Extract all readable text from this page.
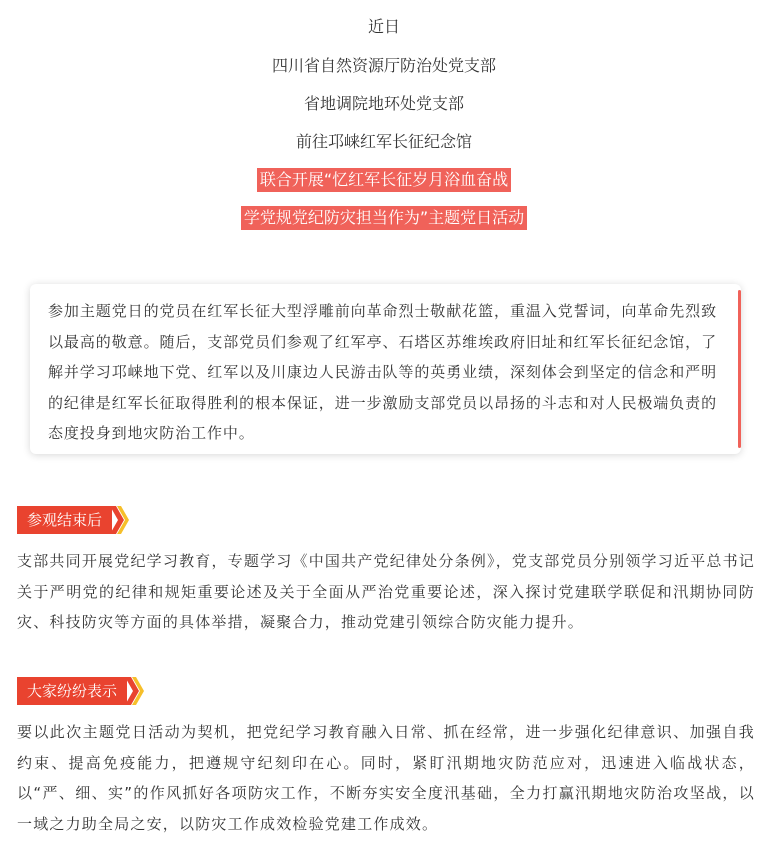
近日
四川省自然资源厅防治处党支部
省地调院地环处党支部
前往邛崃红军长征纪念馆
联合开展“忆红军长征岁月浴血奋战
学党规党纪防灾担当作为”主题党日活动

参加主题党日的党员在红军长征大型浮雕前向革命烈士敬献花篮，重温入党誓词，向革命先烈致以最高的敬意。随后，支部党员们参观了红军亭、石塔区苏维埃政府旧址和红军长征纪念馆，了解并学习邛崃地下党、红军以及川康边人民游击队等的英勇业绩，深刻体会到坚定的信念和严明的纪律是红军长征取得胜利的根本保证，进一步激励支部党员以昂扬的斗志和对人民极端负责的态度投身到地灾防治工作中。

参观结束后

支部共同开展党纪学习教育，专题学习《中国共产党纪律处分条例》，党支部党员分别领学习近平总书记关于严明党的纪律和规矩重要论述及关于全面从严治党重要论述，深入探讨党建联学联促和汛期协同防灾、科技防灾等方面的具体举措，凝聚合力，推动党建引领综合防灾能力提升。

大家纷纷表示

要以此次主题党日活动为契机，把党纪学习教育融入日常、抓在经常，进一步强化纪律意识、加强自我约束、提高免疫能力，把遵规守纪刻印在心。同时，紧盯汛期地灾防范应对，迅速进入临战状态，以“严、细、实”的作风抓好各项防灾工作，不断夯实安全度汛基础，全力打赢汛期地灾防治攻坚战，以一域之力助全局之安，以防灾工作成效检验党建工作成效。
